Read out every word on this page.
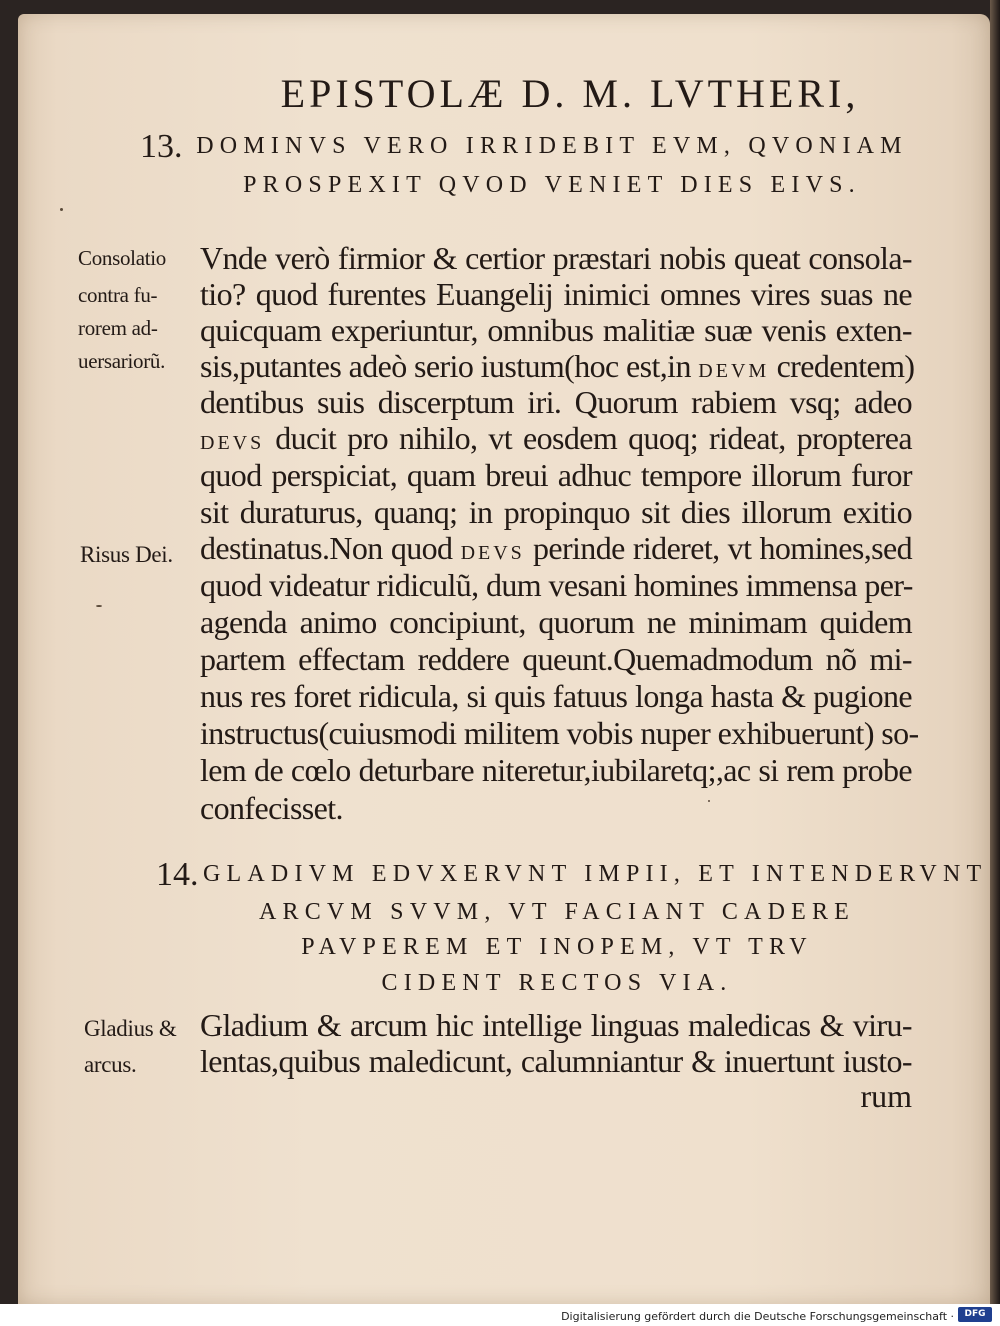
EPISTOLÆ D. M. LVTHERI,
13. DOMINVS VERO IRRIDEBIT EVM, QVONIAM
PROSPEXIT QVOD VENIET DIES EIVS.
Consolatio
contra fu-
rorem ad-
uersariorũ.
Risus Dei.
Vnde verò firmior & certior præstari nobis queat consola-
tio? quod furentes Euangelij inimici omnes vires suas ne
quicquam experiuntur, omnibus malitiæ suæ venis exten-
sis,putantes adeò serio iustum(hoc est,in DEVM credentem)
dentibus suis discerptum iri. Quorum rabiem vsq; adeo
DEVS ducit pro nihilo, vt eosdem quoq; rideat, propterea
quod perspiciat, quam breui adhuc tempore illorum furor
sit duraturus, quanq; in propinquo sit dies illorum exitio
destinatus.Non quod DEVS perinde rideret, vt homines,sed
quod videatur ridiculũ, dum vesani homines immensa per-
agenda animo concipiunt, quorum ne minimam quidem
partem effectam reddere queunt.Quemadmodum nõ mi-
nus res foret ridicula, si quis fatuus longa hasta & pugione
instructus(cuiusmodi militem vobis nuper exhibuerunt) so-
lem de cœlo deturbare niteretur,iubilaretq;,ac si rem probe
confecisset.
14. GLADIVM EDVXERVNT IMPII, ET INTENDERVNT
ARCVM SVVM, VT FACIANT CADERE
PAVPEREM ET INOPEM, VT TRV
CIDENT RECTOS VIA.
Gladius &
arcus.
Gladium & arcum hic intellige linguas maledicas & viru-
lentas,quibus maledicunt, calumniantur & inuertunt iusto-
rum
Digitalisierung gefördert durch die Deutsche Forschungsgemeinschaft ·	DFG
